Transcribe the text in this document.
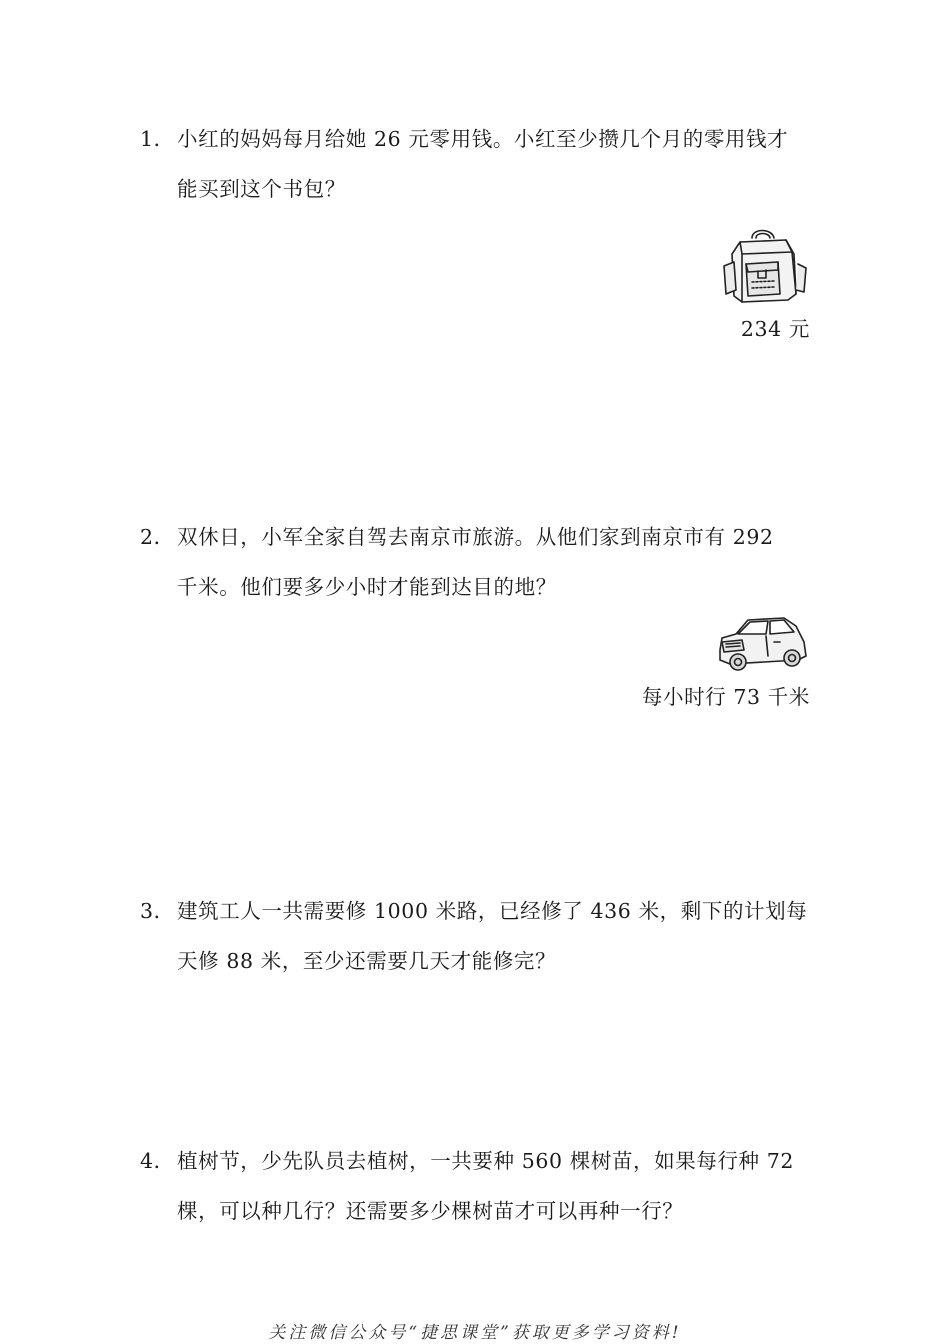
1． 小红的妈妈每月给她 26 元零用钱。小红至少攒几个月的零用钱才
能买到这个书包？
234 元
2． 双休日，小军全家自驾去南京市旅游。从他们家到南京市有 292
千米。他们要多少小时才能到达目的地？
每小时行 73 千米
3． 建筑工人一共需要修 1000 米路，已经修了 436 米，剩下的计划每
天修 88 米，至少还需要几天才能修完？
4． 植树节，少先队员去植树，一共要种 560 棵树苗，如果每行种 72
棵，可以种几行？还需要多少棵树苗才可以再种一行？
关注微信公众号“捷思课堂”获取更多学习资料!
